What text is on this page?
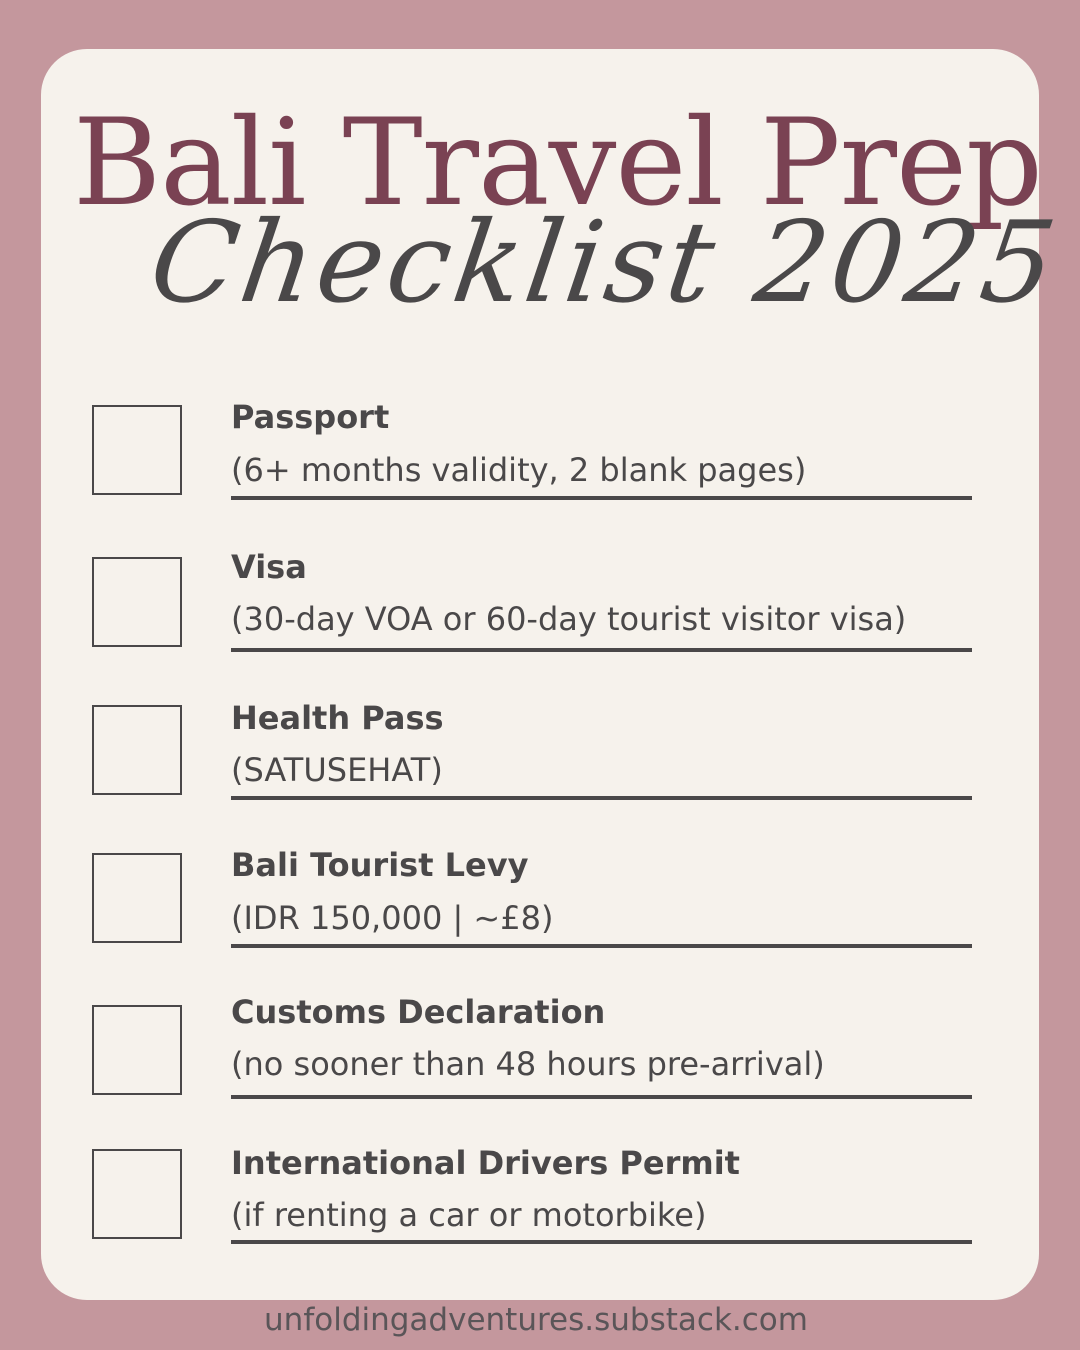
Bali Travel Prep
Checklist 2025
Passport
(6+ months validity, 2 blank pages)
Visa
(30-day VOA or 60-day tourist visitor visa)
Health Pass
(SATUSEHAT)
Bali Tourist Levy
(IDR 150,000 | ~£8)
Customs Declaration
(no sooner than 48 hours pre-arrival)
International Drivers Permit
(if renting a car or motorbike)
unfoldingadventures.substack.com
